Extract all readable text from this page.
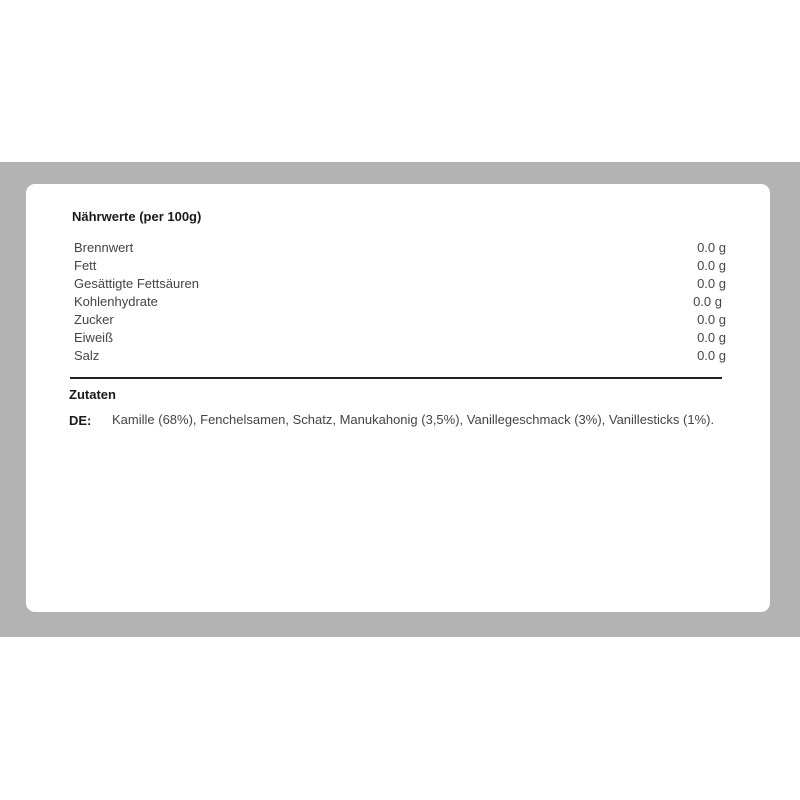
Nährwerte (per 100g)
Brennwert	0.0 g
Fett	0.0 g
Gesättigte Fettsäuren	0.0 g
Kohlenhydrate	0.0 g
Zucker	0.0 g
Eiweiß	0.0 g
Salz	0.0 g
Zutaten
DE: Kamille (68%), Fenchelsamen, Schatz, Manukahonig (3,5%), Vanillegeschmack (3%), Vanillesticks (1%).
